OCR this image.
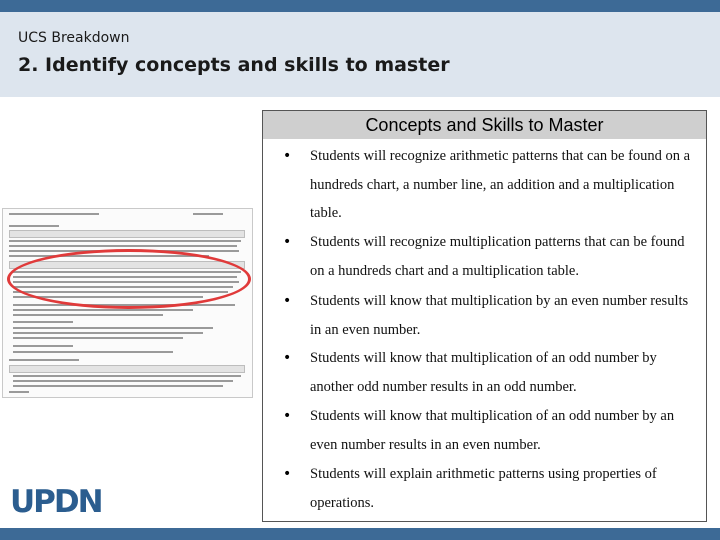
UCS Breakdown
2. Identify concepts and skills to master
UPDN
Concepts and Skills to Master
• Students will recognize arithmetic patterns that can be found on a hundreds chart, a number line, an addition and a multiplication table.
• Students will recognize multiplication patterns that can be found on a hundreds chart and a multiplication table.
• Students will know that multiplication by an even number results in an even number.
• Students will know that multiplication of an odd number by another odd number results in an odd number.
• Students will know that multiplication of an odd number by an even number results in an even number.
• Students will explain arithmetic patterns using properties of operations.
